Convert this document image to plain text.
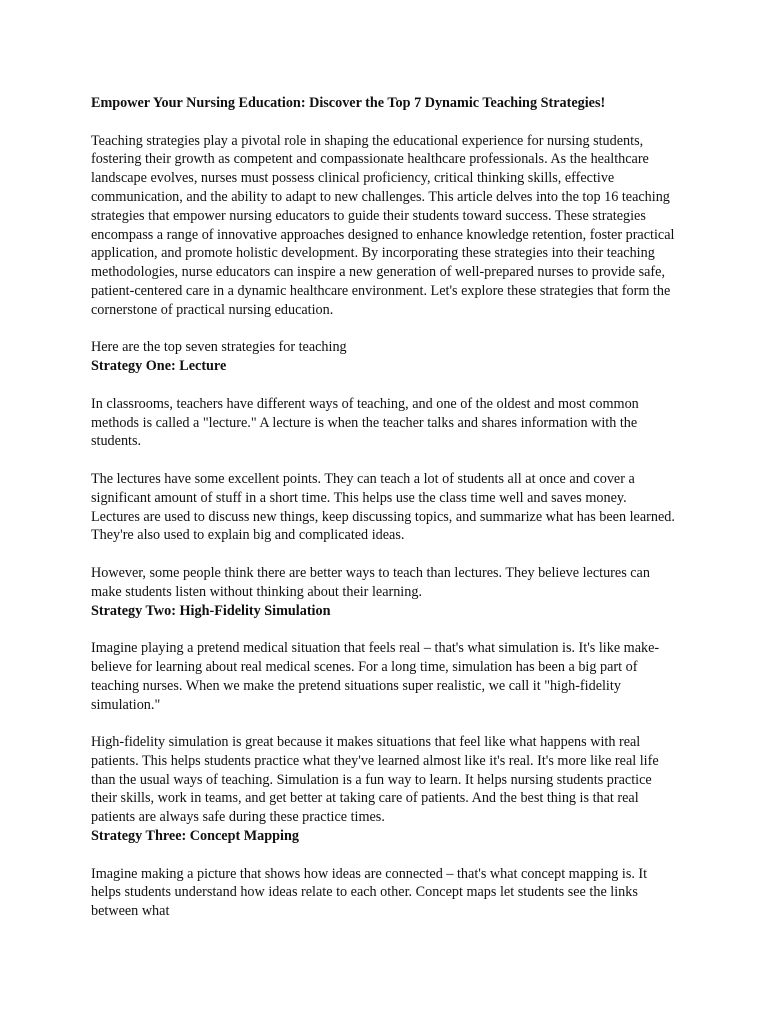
Empower Your Nursing Education: Discover the Top 7 Dynamic Teaching Strategies!

Teaching strategies play a pivotal role in shaping the educational experience for nursing students, fostering their growth as competent and compassionate healthcare professionals. As the healthcare landscape evolves, nurses must possess clinical proficiency, critical thinking skills, effective communication, and the ability to adapt to new challenges. This article delves into the top 16 teaching strategies that empower nursing educators to guide their students toward success. These strategies encompass a range of innovative approaches designed to enhance knowledge retention, foster practical application, and promote holistic development. By incorporating these strategies into their teaching methodologies, nurse educators can inspire a new generation of well-prepared nurses to provide safe, patient-centered care in a dynamic healthcare environment. Let's explore these strategies that form the cornerstone of practical nursing education.

Here are the top seven strategies for teaching

Strategy One: Lecture

In classrooms, teachers have different ways of teaching, and one of the oldest and most common methods is called a "lecture." A lecture is when the teacher talks and shares information with the students.

The lectures have some excellent points. They can teach a lot of students all at once and cover a significant amount of stuff in a short time. This helps use the class time well and saves money. Lectures are used to discuss new things, keep discussing topics, and summarize what has been learned. They're also used to explain big and complicated ideas.

However, some people think there are better ways to teach than lectures. They believe lectures can make students listen without thinking about their learning.

Strategy Two: High-Fidelity Simulation

Imagine playing a pretend medical situation that feels real – that's what simulation is. It's like make-believe for learning about real medical scenes. For a long time, simulation has been a big part of teaching nurses. When we make the pretend situations super realistic, we call it "high-fidelity simulation."

High-fidelity simulation is great because it makes situations that feel like what happens with real patients. This helps students practice what they've learned almost like it's real. It's more like real life than the usual ways of teaching. Simulation is a fun way to learn. It helps nursing students practice their skills, work in teams, and get better at taking care of patients. And the best thing is that real patients are always safe during these practice times.

Strategy Three: Concept Mapping

Imagine making a picture that shows how ideas are connected – that's what concept mapping is. It helps students understand how ideas relate to each other. Concept maps let students see the links between what
